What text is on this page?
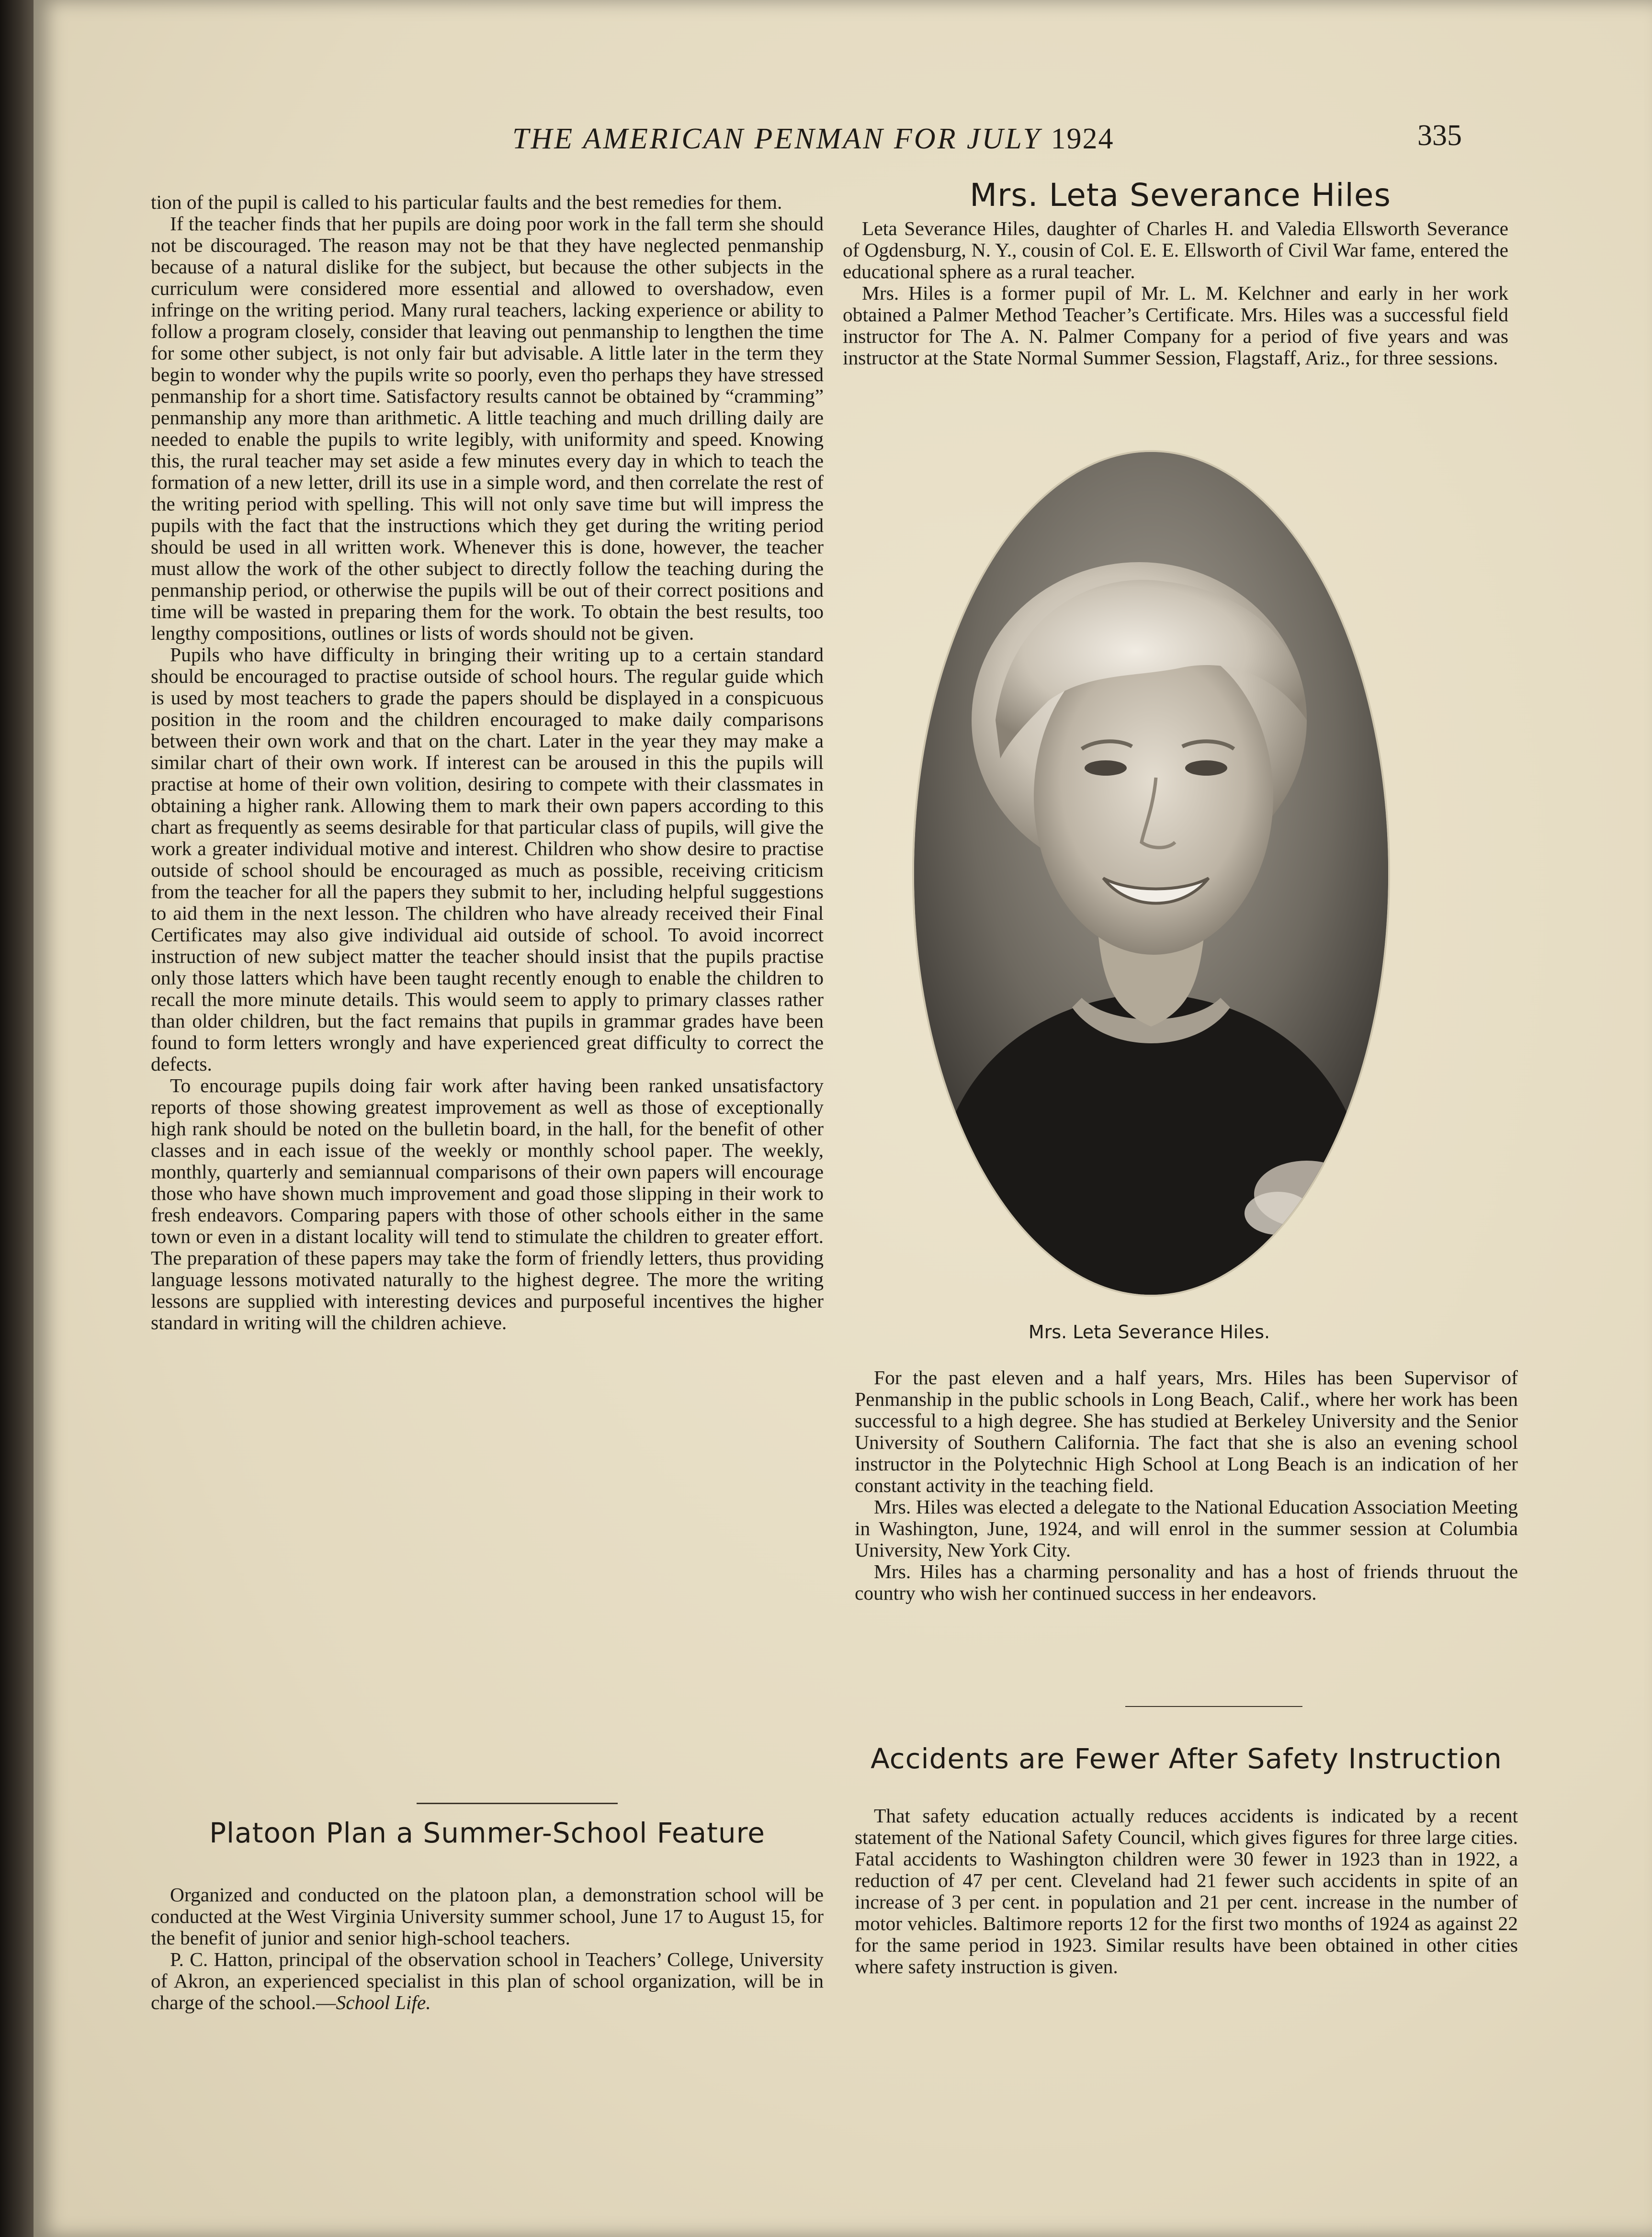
THE AMERICAN PENMAN FOR JULY 1924	335

tion of the pupil is called to his particular faults and the best remedies for them.

If the teacher finds that her pupils are doing poor work in the fall term she should not be discouraged. The reason may not be that they have neglected penmanship because of a natural dislike for the subject, but because the other subjects in the curriculum were considered more essential and allowed to overshadow, even infringe on the writing period. Many rural teachers, lacking experience or ability to follow a program closely, consider that leaving out penmanship to lengthen the time for some other subject, is not only fair but advisable. A little later in the term they begin to wonder why the pupils write so poorly, even tho perhaps they have stressed penmanship for a short time. Satisfactory results cannot be obtained by “cramming” penmanship any more than arithmetic. A little teaching and much drilling daily are needed to enable the pupils to write legibly, with uniformity and speed. Knowing this, the rural teacher may set aside a few minutes every day in which to teach the formation of a new letter, drill its use in a simple word, and then correlate the rest of the writing period with spelling. This will not only save time but will impress the pupils with the fact that the instructions which they get during the writing period should be used in all written work. Whenever this is done, however, the teacher must allow the work of the other subject to directly follow the teaching during the penmanship period, or otherwise the pupils will be out of their correct positions and time will be wasted in preparing them for the work. To obtain the best results, too lengthy compositions, outlines or lists of words should not be given.

Pupils who have difficulty in bringing their writing up to a certain standard should be encouraged to practise outside of school hours. The regular guide which is used by most teachers to grade the papers should be displayed in a conspicuous position in the room and the children encouraged to make daily comparisons between their own work and that on the chart. Later in the year they may make a similar chart of their own work. If interest can be aroused in this the pupils will practise at home of their own volition, desiring to compete with their classmates in obtaining a higher rank. Allowing them to mark their own papers according to this chart as frequently as seems desirable for that particular class of pupils, will give the work a greater individual motive and interest. Children who show desire to practise outside of school should be encouraged as much as possible, receiving criticism from the teacher for all the papers they submit to her, including helpful suggestions to aid them in the next lesson. The children who have already received their Final Certificates may also give individual aid outside of school. To avoid incorrect instruction of new subject matter the teacher should insist that the pupils practise only those latters which have been taught recently enough to enable the children to recall the more minute details. This would seem to apply to primary classes rather than older children, but the fact remains that pupils in grammar grades have been found to form letters wrongly and have experienced great difficulty to correct the defects.

To encourage pupils doing fair work after having been ranked unsatisfactory reports of those showing greatest improvement as well as those of exceptionally high rank should be noted on the bulletin board, in the hall, for the benefit of other classes and in each issue of the weekly or monthly school paper. The weekly, monthly, quarterly and semiannual comparisons of their own papers will encourage those who have shown much improvement and goad those slipping in their work to fresh endeavors. Comparing papers with those of other schools either in the same town or even in a distant locality will tend to stimulate the children to greater effort. The preparation of these papers may take the form of friendly letters, thus providing language lessons motivated naturally to the highest degree. The more the writing lessons are supplied with interesting devices and purposeful incentives the higher standard in writing will the children achieve.

Platoon Plan a Summer-School Feature

Organized and conducted on the platoon plan, a demonstration school will be conducted at the West Virginia University summer school, June 17 to August 15, for the benefit of junior and senior high-school teachers.

P. C. Hatton, principal of the observation school in Teachers’ College, University of Akron, an experienced specialist in this plan of school organization, will be in charge of the school.—School Life.

Mrs. Leta Severance Hiles

Leta Severance Hiles, daughter of Charles H. and Valedia Ellsworth Severance of Ogdensburg, N. Y., cousin of Col. E. E. Ellsworth of Civil War fame, entered the educational sphere as a rural teacher.

Mrs. Hiles is a former pupil of Mr. L. M. Kelchner and early in her work obtained a Palmer Method Teacher’s Certificate. Mrs. Hiles was a successful field instructor for The A. N. Palmer Company for a period of five years and was instructor at the State Normal Summer Session, Flagstaff, Ariz., for three sessions.

Mrs. Leta Severance Hiles.

For the past eleven and a half years, Mrs. Hiles has been Supervisor of Penmanship in the public schools in Long Beach, Calif., where her work has been successful to a high degree. She has studied at Berkeley University and the Senior University of Southern California. The fact that she is also an evening school instructor in the Polytechnic High School at Long Beach is an indication of her constant activity in the teaching field.

Mrs. Hiles was elected a delegate to the National Education Association Meeting in Washington, June, 1924, and will enrol in the summer session at Columbia University, New York City.

Mrs. Hiles has a charming personality and has a host of friends thruout the country who wish her continued success in her endeavors.

Accidents are Fewer After Safety Instruction

That safety education actually reduces accidents is indicated by a recent statement of the National Safety Council, which gives figures for three large cities. Fatal accidents to Washington children were 30 fewer in 1923 than in 1922, a reduction of 47 per cent. Cleveland had 21 fewer such accidents in spite of an increase of 3 per cent. in population and 21 per cent. increase in the number of motor vehicles. Baltimore reports 12 for the first two months of 1924 as against 22 for the same period in 1923. Similar results have been obtained in other cities where safety instruction is given.
